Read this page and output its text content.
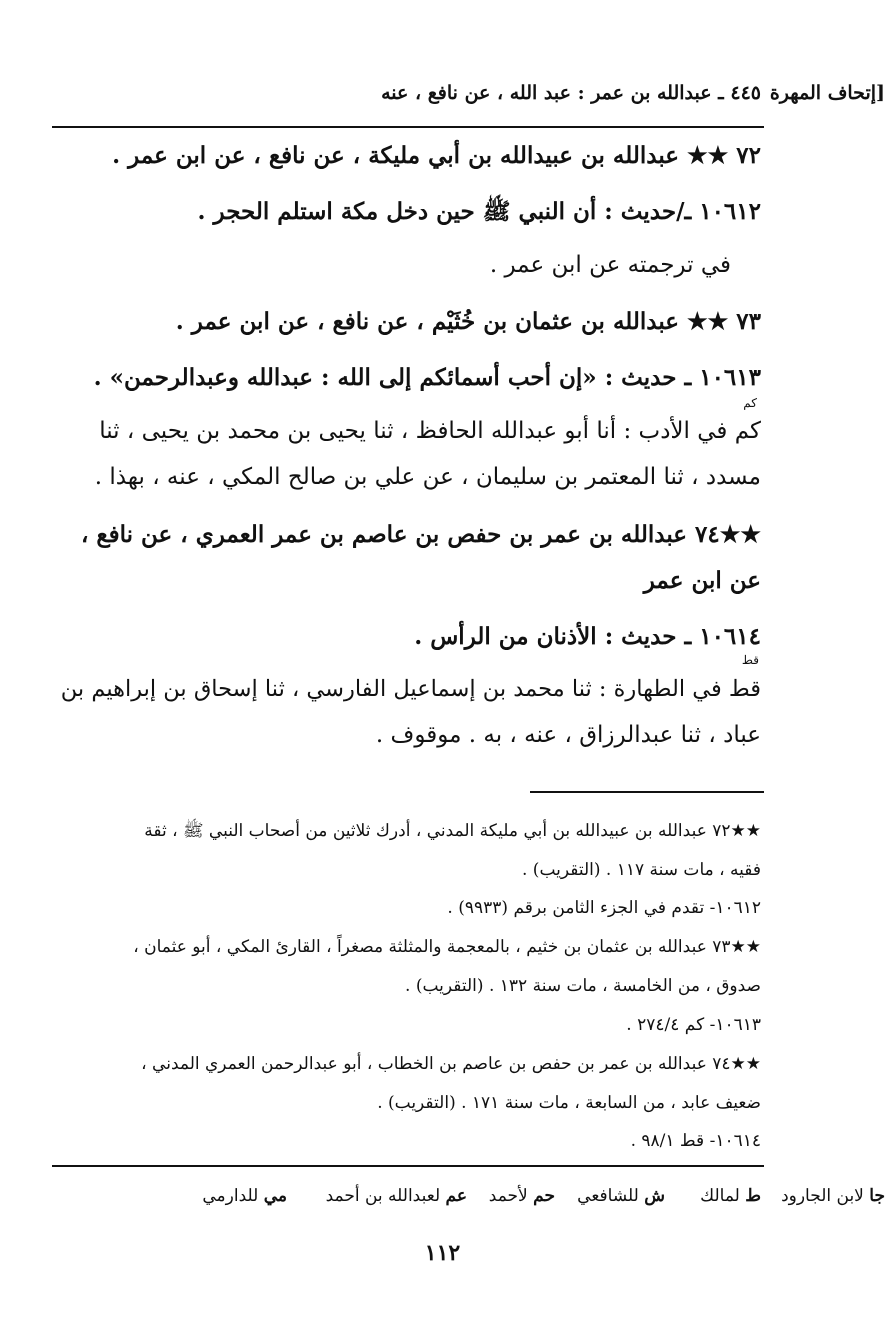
٤٤٥ ـ عبدالله بن عمر : عبد الله ، عن نافع ، عنه [إتحاف المهرة
٧٢ ★★ عبدالله بن عبيدالله بن أبي مليكة ، عن نافع ، عن ابن عمر .
١٠٦١٢ ـ/حديث : أن النبي ﷺ حين دخل مكة استلم الحجر .
في ترجمته عن ابن عمر .
٧٣ ★★ عبدالله بن عثمان بن خُثَيْم ، عن نافع ، عن ابن عمر .
١٠٦١٣ ـ حديث : «إن أحب أسمائكم إلى الله : عبدالله وعبدالرحمن» .
كم
كم في الأدب : أنا أبو عبدالله الحافظ ، ثنا يحيى بن محمد بن يحيى ، ثنا
مسدد ، ثنا المعتمر بن سليمان ، عن علي بن صالح المكي ، عنه ، بهذا .
★★٧٤ عبدالله بن عمر بن حفص بن عاصم بن عمر العمري ، عن نافع ،
عن ابن عمر
١٠٦١٤ ـ حديث : الأذنان من الرأس .
قط
قط في الطهارة : ثنا محمد بن إسماعيل الفارسي ، ثنا إسحاق بن إبراهيم بن
عباد ، ثنا عبدالرزاق ، عنه ، به . موقوف .
★★٧٢ عبدالله بن عبيدالله بن أبي مليكة المدني ، أدرك ثلاثين من أصحاب النبي ﷺ ، ثقة
فقيه ، مات سنة ١١٧ . (التقريب) .
١٠٦١٢- تقدم في الجزء الثامن برقم (٩٩٣٣) .
★★٧٣ عبدالله بن عثمان بن خثيم ، بالمعجمة والمثلثة مصغراً ، القارئ المكي ، أبو عثمان ،
صدوق ، من الخامسة ، مات سنة ١٣٢ . (التقريب) .
١٠٦١٣- كم ٢٧٤/٤ .
★★٧٤ عبدالله بن عمر بن حفص بن عاصم بن الخطاب ، أبو عبدالرحمن العمري المدني ،
ضعيف عابد ، من السابعة ، مات سنة ١٧١ . (التقريب) .
١٠٦١٤- قط ٩٨/١ .
ط لمالك
ش للشافعي
حم لأحمد
عم لعبدالله بن أحمد
مي للدارمي	جا لابن الجارود
١١٢
